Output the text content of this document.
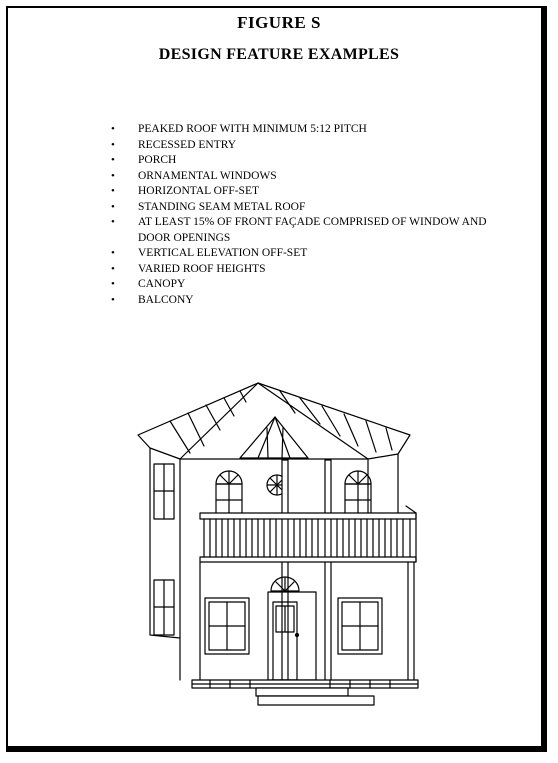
FIGURE S
DESIGN FEATURE EXAMPLES
• PEAKED ROOF WITH MINIMUM 5:12 PITCH
• RECESSED ENTRY
• PORCH
• ORNAMENTAL WINDOWS
• HORIZONTAL OFF-SET
• STANDING SEAM METAL ROOF
• AT LEAST 15% OF FRONT FAÇADE COMPRISED OF WINDOW AND DOOR OPENINGS
• VERTICAL ELEVATION OFF-SET
• VARIED ROOF HEIGHTS
• CANOPY
• BALCONY
